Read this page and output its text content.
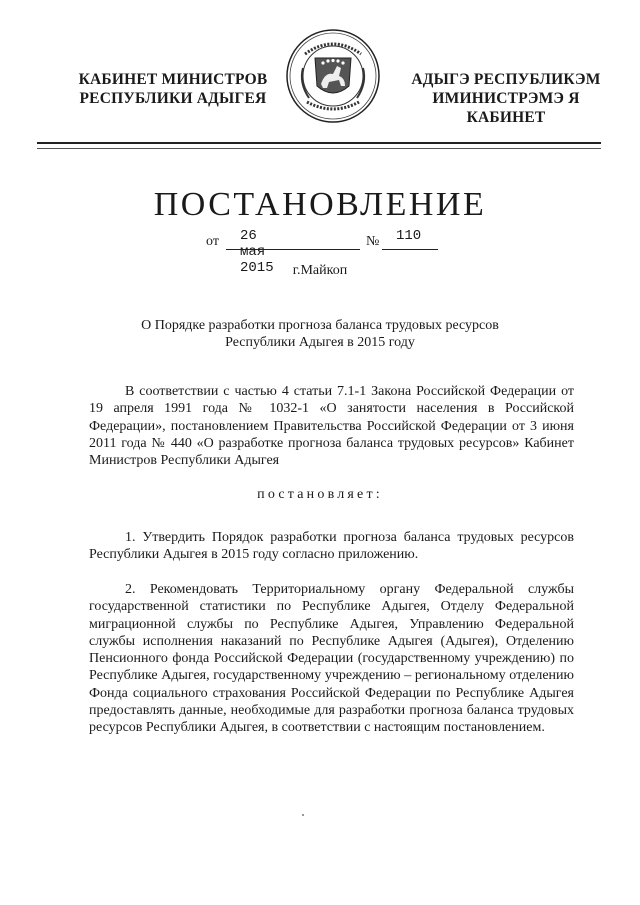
КАБИНЕТ МИНИСТРОВ
РЕСПУБЛИКИ АДЫГЕЯ
АДЫГЭ РЕСПУБЛИКЭМ
ИМИНИСТРЭМЭ Я КАБИНЕТ
ПОСТАНОВЛЕНИЕ
от 26 мая 2015
№ 110
г.Майкоп
О Порядке разработки прогноза баланса трудовых ресурсов
Республики Адыгея в 2015 году
В соответствии с частью 4 статьи 7.1-1 Закона Российской Федерации от 19 апреля 1991 года № 1032-1 «О занятости населения в Российской Федерации», постановлением Правительства Российской Федерации от 3 июня 2011 года № 440 «О разработке прогноза баланса трудовых ресурсов» Кабинет Министров Республики Адыгея
постановляет:
1. Утвердить Порядок разработки прогноза баланса трудовых ресурсов Республики Адыгея в 2015 году согласно приложению.
2. Рекомендовать Территориальному органу Федеральной службы государственной статистики по Республике Адыгея, Отделу Федеральной миграционной службы по Республике Адыгея, Управлению Федеральной службы исполнения наказаний по Республике Адыгея (Адыгея), Отделению Пенсионного фонда Российской Федерации (государственному учреждению) по Республике Адыгея, государственному учреждению – региональному отделению Фонда социального страхования Российской Федерации по Республике Адыгея предоставлять данные, необходимые для разработки прогноза баланса трудовых ресурсов Республики Адыгея, в соответствии с настоящим постановлением.
